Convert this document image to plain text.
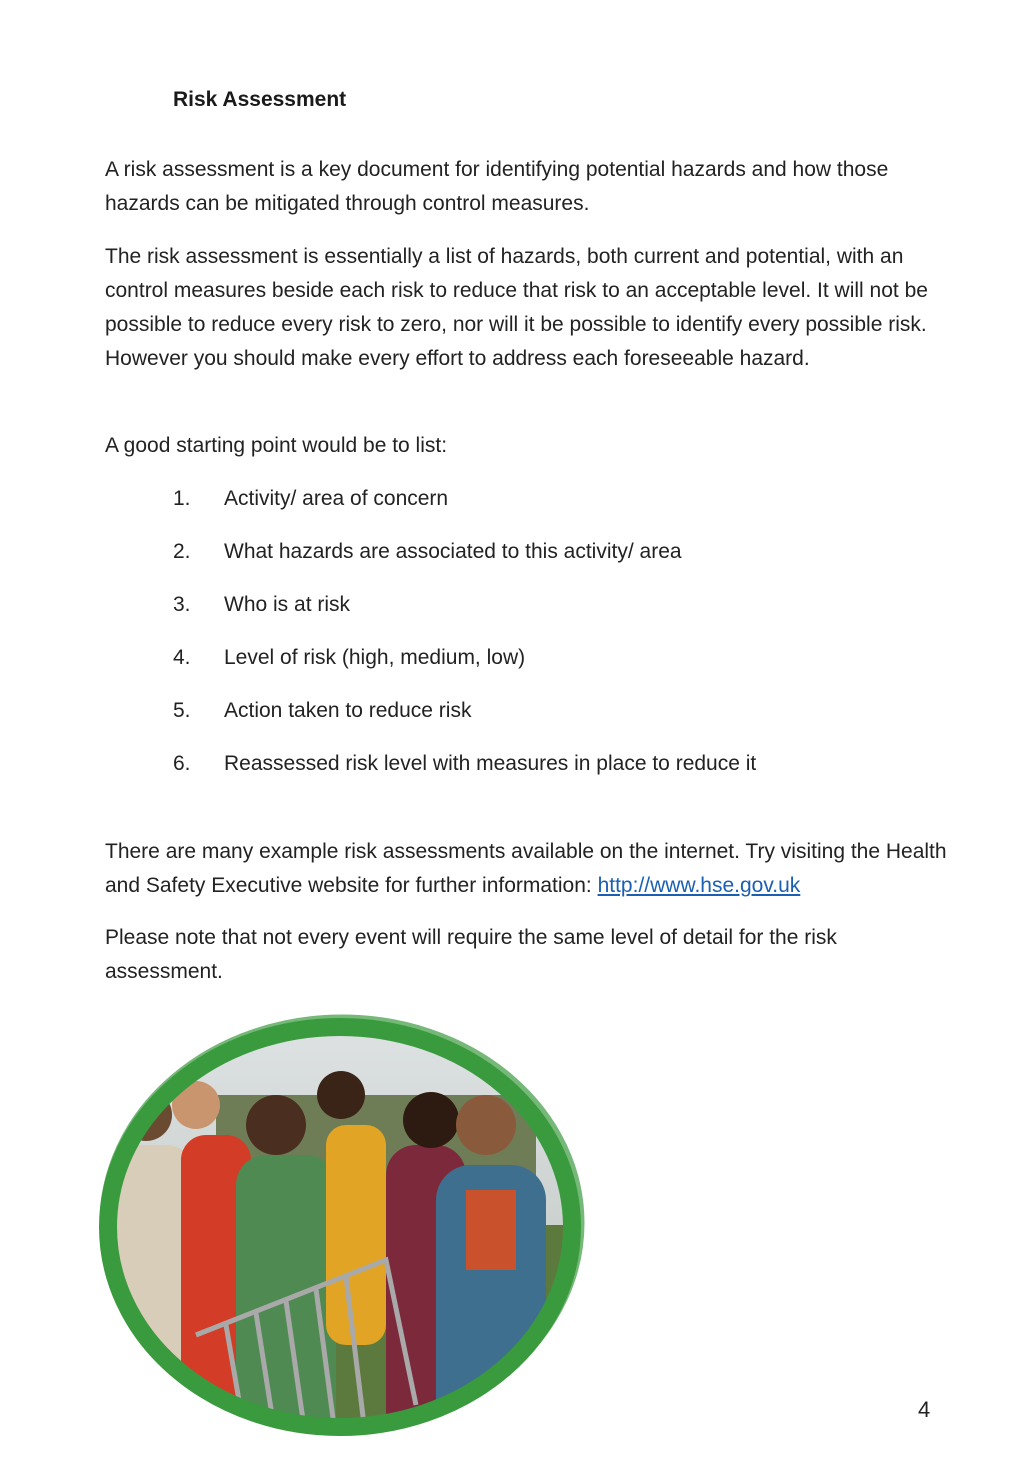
Risk Assessment

A risk assessment is a key document for identifying potential hazards and how those hazards can be mitigated through control measures.

The risk assessment is essentially a list of hazards, both current and potential, with an control measures beside each risk to reduce that risk to an acceptable level. It will not be possible to reduce every risk to zero, nor will it be possible to identify every possible risk. However you should make every effort to address each foreseeable hazard.

A good starting point would be to list:

1.	Activity/ area of concern
2.	What hazards are associated to this activity/ area
3.	Who is at risk
4.	Level of risk (high, medium, low)
5.	Action taken to reduce risk
6.	Reassessed risk level with measures in place to reduce it

There are many example risk assessments available on the internet. Try visiting the Health and Safety Executive website for further information: http://www.hse.gov.uk

Please note that not every event will require the same level of detail for the risk assessment.

4
